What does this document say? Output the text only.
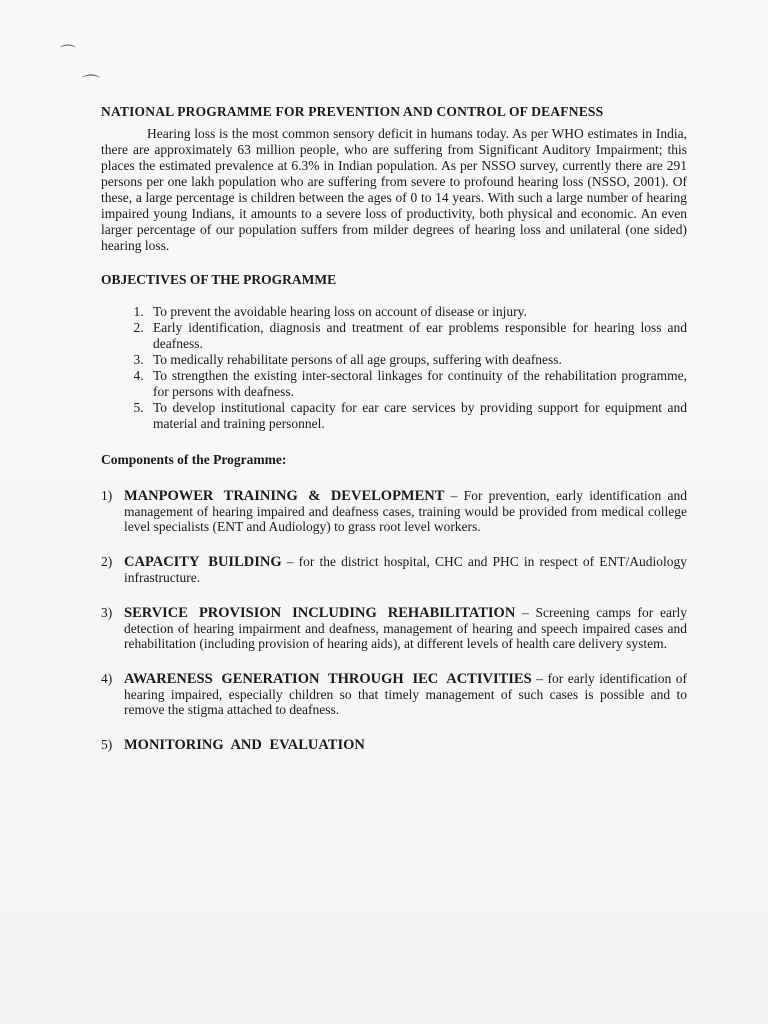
⌒
⌒
NATIONAL PROGRAMME FOR PREVENTION AND CONTROL OF DEAFNESS

Hearing loss is the most common sensory deficit in humans today. As per WHO estimates in India, there are approximately 63 million people, who are suffering from Significant Auditory Impairment; this places the estimated prevalence at 6.3% in Indian population. As per NSSO survey, currently there are 291 persons per one lakh population who are suffering from severe to profound hearing loss (NSSO, 2001). Of these, a large percentage is children between the ages of 0 to 14 years. With such a large number of hearing impaired young Indians, it amounts to a severe loss of productivity, both physical and economic. An even larger percentage of our population suffers from milder degrees of hearing loss and unilateral (one sided) hearing loss.

OBJECTIVES OF THE PROGRAMME
1. To prevent the avoidable hearing loss on account of disease or injury.
2. Early identification, diagnosis and treatment of ear problems responsible for hearing loss and deafness.
3. To medically rehabilitate persons of all age groups, suffering with deafness.
4. To strengthen the existing inter-sectoral linkages for continuity of the rehabilitation programme, for persons with deafness.
5. To develop institutional capacity for ear care services by providing support for equipment and material and training personnel.
Components of the Programme:
1) MANPOWER TRAINING & DEVELOPMENT – For prevention, early identification and management of hearing impaired and deafness cases, training would be provided from medical college level specialists (ENT and Audiology) to grass root level workers.
2) CAPACITY BUILDING – for the district hospital, CHC and PHC in respect of ENT/Audiology infrastructure.
3) SERVICE PROVISION INCLUDING REHABILITATION – Screening camps for early detection of hearing impairment and deafness, management of hearing and speech impaired cases and rehabilitation (including provision of hearing aids), at different levels of health care delivery system.
4) AWARENESS GENERATION THROUGH IEC ACTIVITIES – for early identification of hearing impaired, especially children so that timely management of such cases is possible and to remove the stigma attached to deafness.
5) MONITORING AND EVALUATION
